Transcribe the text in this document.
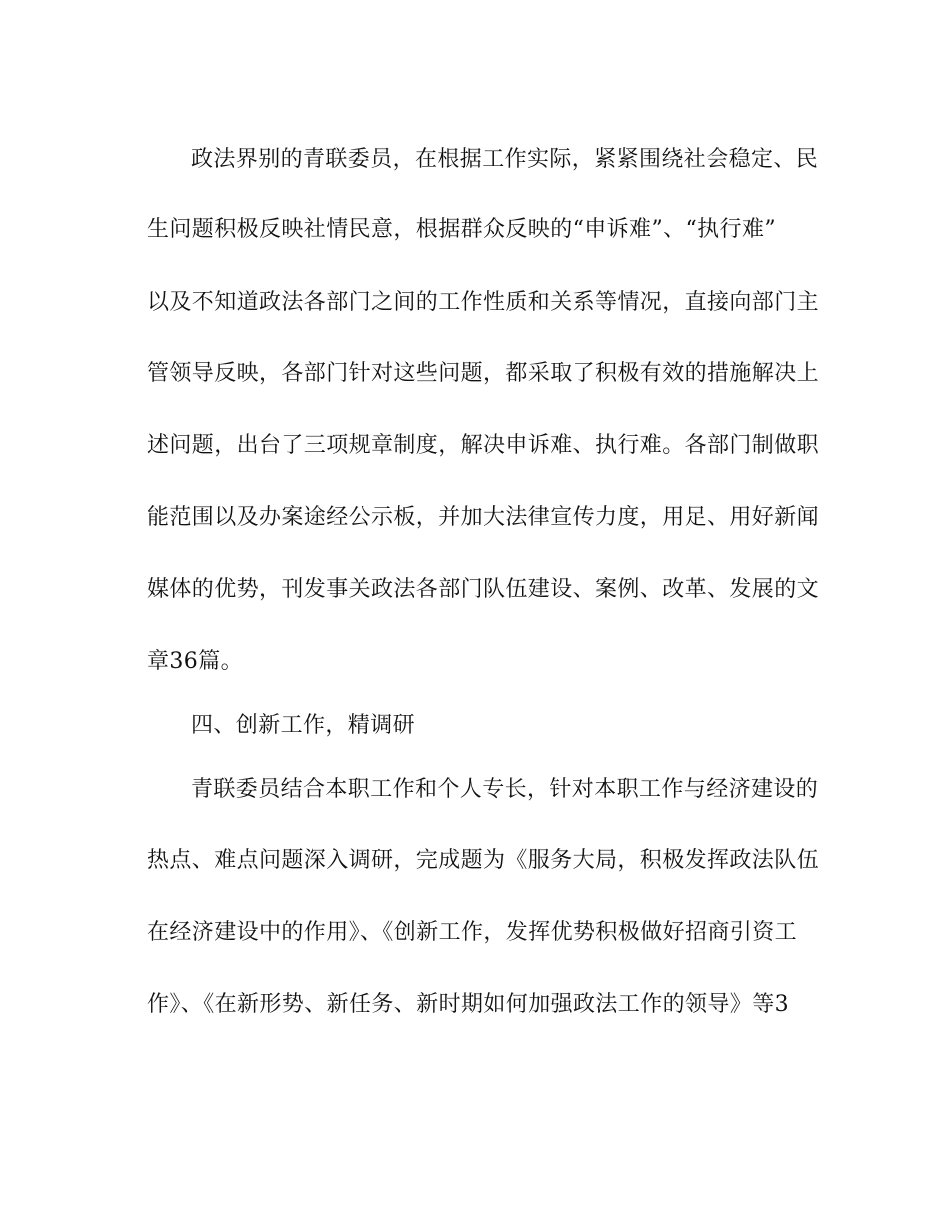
政法界别的青联委员，在根据工作实际，紧紧围绕社会稳定、民
生问题积极反映社情民意，根据群众反映的“申诉难”、“执行难”
以及不知道政法各部门之间的工作性质和关系等情况，直接向部门主
管领导反映，各部门针对这些问题，都采取了积极有效的措施解决上
述问题，出台了三项规章制度，解决申诉难、执行难。各部门制做职
能范围以及办案途经公示板，并加大法律宣传力度，用足、用好新闻
媒体的优势，刊发事关政法各部门队伍建设、案例、改革、发展的文
章36篇。
四、创新工作，精调研
青联委员结合本职工作和个人专长，针对本职工作与经济建设的
热点、难点问题深入调研，完成题为《服务大局，积极发挥政法队伍
在经济建设中的作用》、《创新工作，发挥优势积极做好招商引资工
作》、《在新形势、新任务、新时期如何加强政法工作的领导》等3
